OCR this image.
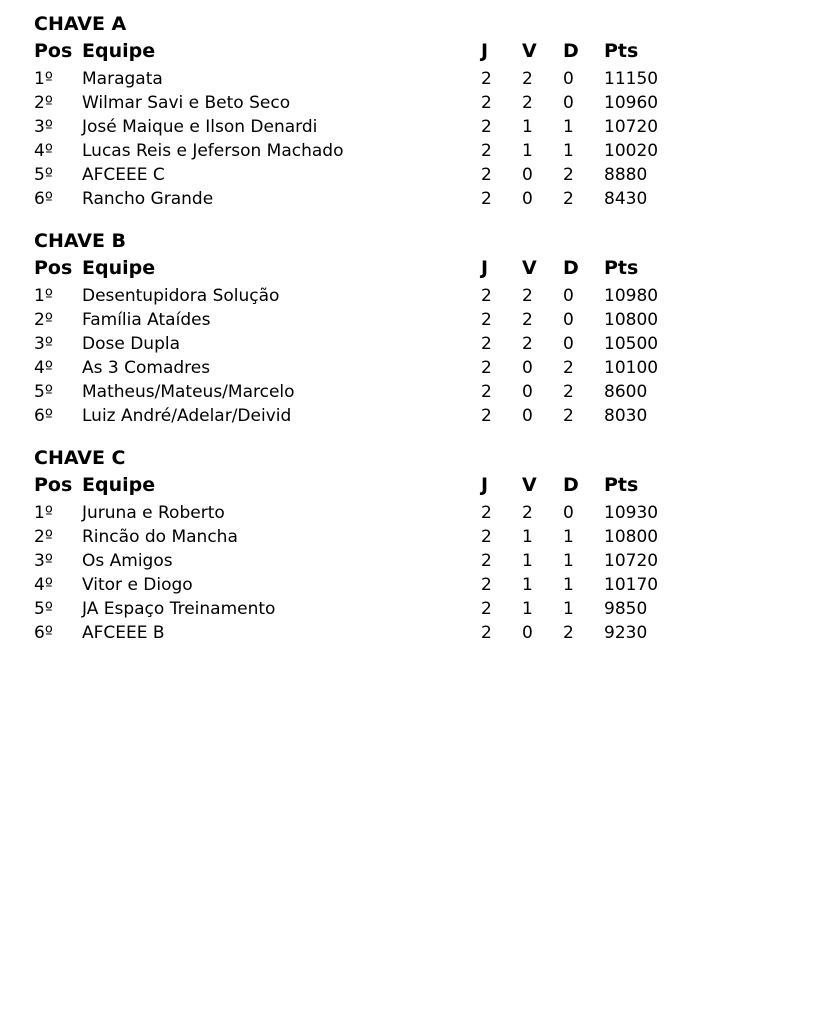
CHAVE A
Pos	Equipe	J	V	D	Pts
1º	Maragata	2	2	0	11150
2º	Wilmar Savi e Beto Seco	2	2	0	10960
3º	José Maique e Ilson Denardi	2	1	1	10720
4º	Lucas Reis e Jeferson Machado	2	1	1	10020
5º	AFCEEE C	2	0	2	8880
6º	Rancho Grande	2	0	2	8430
CHAVE B
Pos	Equipe	J	V	D	Pts
1º	Desentupidora Solução	2	2	0	10980
2º	Família Ataídes	2	2	0	10800
3º	Dose Dupla	2	2	0	10500
4º	As 3 Comadres	2	0	2	10100
5º	Matheus/Mateus/Marcelo	2	0	2	8600
6º	Luiz André/Adelar/Deivid	2	0	2	8030
CHAVE C
Pos	Equipe	J	V	D	Pts
1º	Juruna e Roberto	2	2	0	10930
2º	Rincão do Mancha	2	1	1	10800
3º	Os Amigos	2	1	1	10720
4º	Vitor e Diogo	2	1	1	10170
5º	JA Espaço Treinamento	2	1	1	9850
6º	AFCEEE B	2	0	2	9230
